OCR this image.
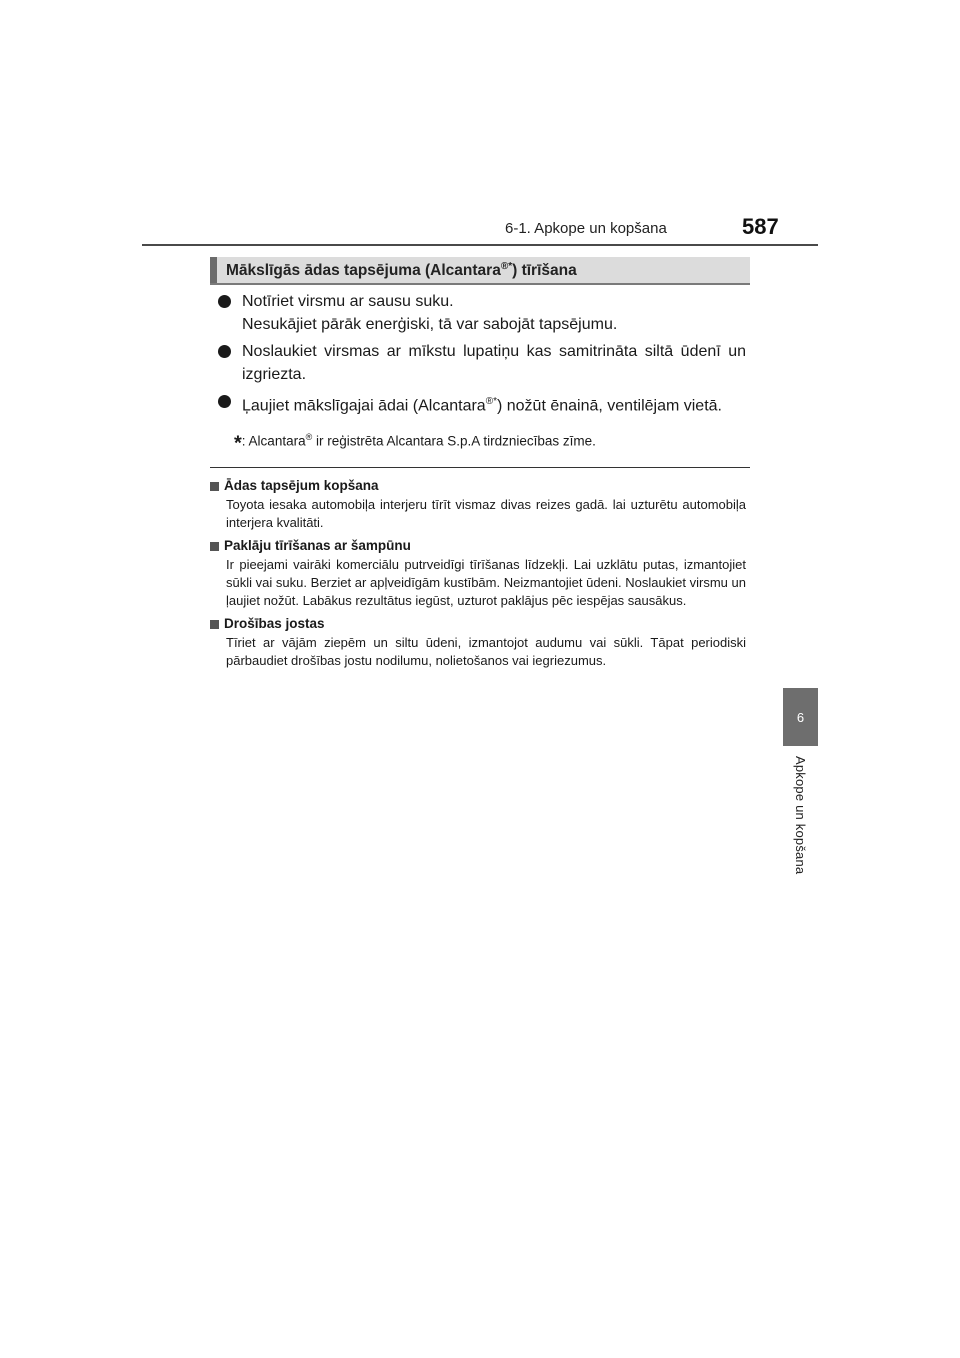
6-1. Apkope un kopšana	587
6
Apkope un kopšana
Mākslīgās ādas tapsējuma (Alcantara®*) tīrīšana

Notīriet virsmu ar sausu suku.

Nesukājiet pārāk enerģiski, tā var sabojāt tapsējumu.

Noslaukiet virsmas ar mīkstu lupatiņu kas samitrināta siltā ūdenī un izgriezta.

Ļaujiet mākslīgajai ādai (Alcantara®*) nožūt ēnainā, ventilējam vietā.

*: Alcantara® ir reģistrēta Alcantara S.p.A tirdzniecības zīme.
Ādas tapsējum kopšana

Toyota iesaka automobiļa interjeru tīrīt vismaz divas reizes gadā. lai uzturētu automobiļa interjera kvalitāti.

Paklāju tīrīšanas ar šampūnu

Ir pieejami vairāki komerciālu putrveidīgi tīrīšanas līdzekļi. Lai uzklātu putas, izmantojiet sūkli vai suku. Berziet ar apļveidīgām kustībām. Neizmantojiet ūdeni. Noslaukiet virsmu un ļaujiet nožūt. Labākus rezultātus iegūst, uzturot paklājus pēc iespējas sausākus.

Drošības jostas

Tīriet ar vājām ziepēm un siltu ūdeni, izmantojot audumu vai sūkli. Tāpat periodiski pārbaudiet drošības jostu nodilumu, nolietošanos vai iegriezumus.
